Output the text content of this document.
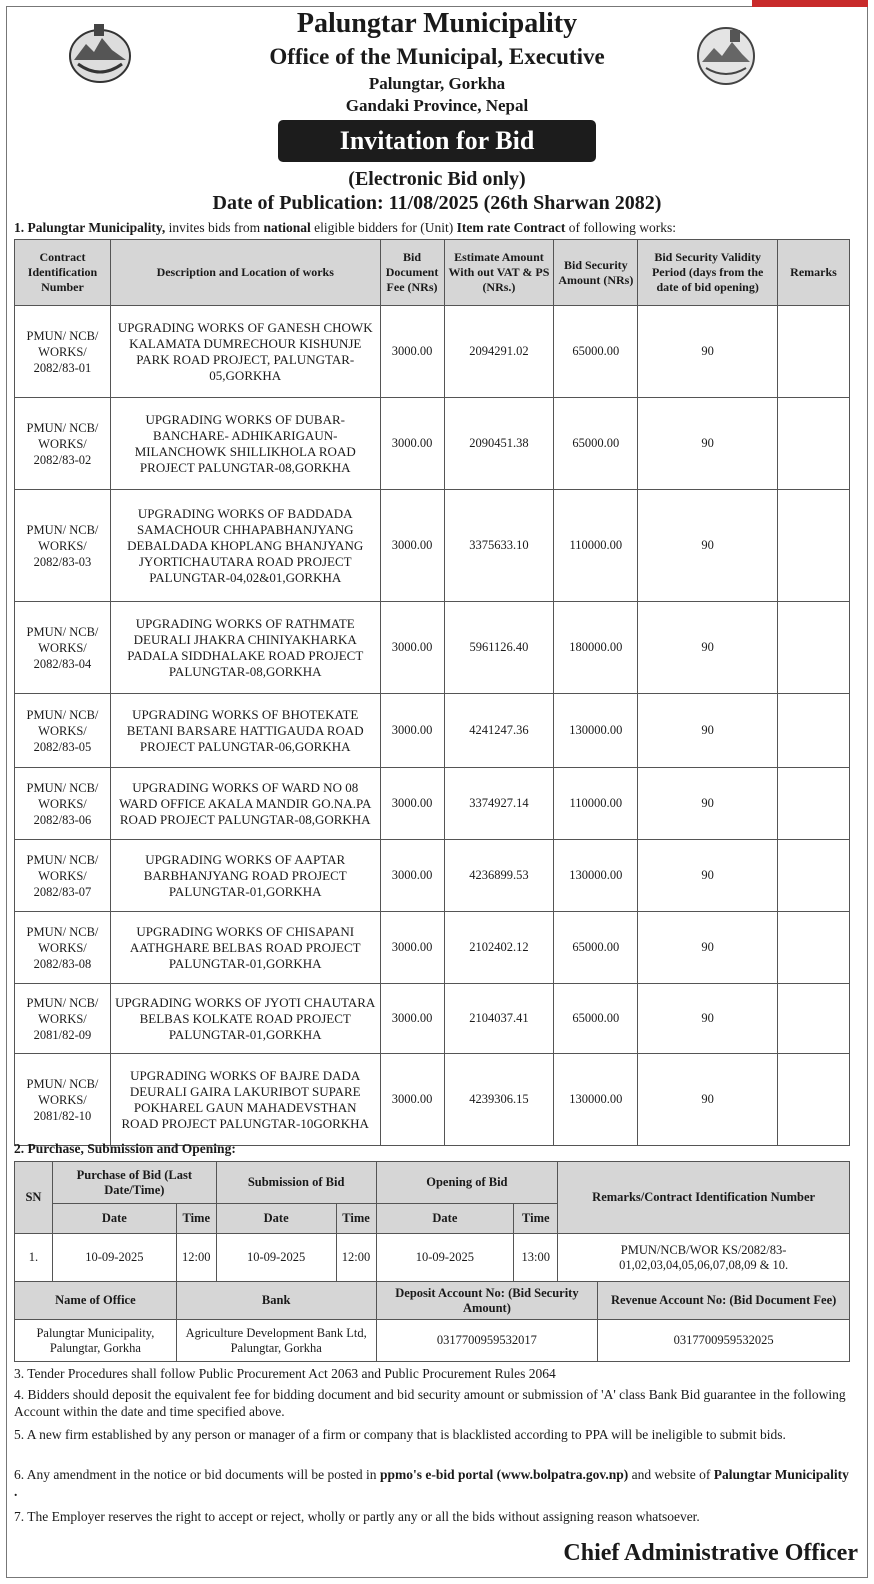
Palungtar Municipality
Office of the Municipal, Executive
Palungtar, Gorkha
Gandaki Province, Nepal
Invitation for Bid
(Electronic Bid only)
Date of Publication: 11/08/2025 (26th Sharwan 2082)
1. Palungtar Municipality, invites bids from national eligible bidders for (Unit) Item rate Contract of following works:
Contract Identification Number	Description and Location of works	Bid Document Fee (NRs)	Estimate Amount With out VAT & PS (NRs.)	Bid Security Amount (NRs)	Bid Security Validity Period (days from the date of bid opening)	Remarks
PMUN/ NCB/ WORKS/ 2082/83-01	UPGRADING WORKS OF GANESH CHOWK KALAMATA DUMRECHOUR KISHUNJE PARK ROAD PROJECT, PALUNGTAR-05,GORKHA	3000.00	2094291.02	65000.00	90	
PMUN/ NCB/ WORKS/ 2082/83-02	UPGRADING WORKS OF DUBAR-BANCHARE- ADHIKARIGAUN-MILANCHOWK SHILLIKHOLA ROAD PROJECT PALUNGTAR-08,GORKHA	3000.00	2090451.38	65000.00	90	
PMUN/ NCB/ WORKS/ 2082/83-03	UPGRADING WORKS OF BADDADA SAMACHOUR CHHAPABHANJYANG DEBALDADA KHOPLANG BHANJYANG JYORTICHAUTARA ROAD PROJECT PALUNGTAR-04,02&01,GORKHA	3000.00	3375633.10	110000.00	90	
PMUN/ NCB/ WORKS/ 2082/83-04	UPGRADING WORKS OF RATHMATE DEURALI JHAKRA CHINIYAKHARKA PADALA SIDDHALAKE ROAD PROJECT PALUNGTAR-08,GORKHA	3000.00	5961126.40	180000.00	90	
PMUN/ NCB/ WORKS/ 2082/83-05	UPGRADING WORKS OF BHOTEKATE BETANI BARSARE HATTIGAUDA ROAD PROJECT PALUNGTAR-06,GORKHA	3000.00	4241247.36	130000.00	90	
PMUN/ NCB/ WORKS/ 2082/83-06	UPGRADING WORKS OF WARD NO 08 WARD OFFICE AKALA MANDIR GO.NA.PA ROAD PROJECT PALUNGTAR-08,GORKHA	3000.00	3374927.14	110000.00	90	
PMUN/ NCB/ WORKS/ 2082/83-07	UPGRADING WORKS OF AAPTAR BARBHANJYANG ROAD PROJECT PALUNGTAR-01,GORKHA	3000.00	4236899.53	130000.00	90	
PMUN/ NCB/ WORKS/ 2082/83-08	UPGRADING WORKS OF CHISAPANI AATHGHARE BELBAS ROAD PROJECT PALUNGTAR-01,GORKHA	3000.00	2102402.12	65000.00	90	
PMUN/ NCB/ WORKS/ 2081/82-09	UPGRADING WORKS OF JYOTI CHAUTARA BELBAS KOLKATE ROAD PROJECT PALUNGTAR-01,GORKHA	3000.00	2104037.41	65000.00	90	
PMUN/ NCB/ WORKS/ 2081/82-10	UPGRADING WORKS OF BAJRE DADA DEURALI GAIRA LAKURIBOT SUPARE POKHAREL GAUN MAHADEVSTHAN ROAD PROJECT PALUNGTAR-10GORKHA	3000.00	4239306.15	130000.00	90	
2. Purchase, Submission and Opening:
SN	Purchase of Bid (Last Date/Time)		Submission of Bid		Opening of Bid		Remarks/Contract Identification Number
	Date	Time	Date	Time	Date	Time	
1.	10-09-2025	12:00	10-09-2025	12:00	10-09-2025	13:00	PMUN/NCB/WOR KS/2082/83-01,02,03,04,05,06,07,08,09 & 10.
Name of Office	Bank	Deposit Account No: (Bid Security Amount)	Revenue Account No: (Bid Document Fee)
Palungtar Municipality, Palungtar, Gorkha	Agriculture Development Bank Ltd, Palungtar, Gorkha	0317700959532017	0317700959532025
3. Tender Procedures shall follow Public Procurement Act 2063 and Public Procurement Rules 2064
4. Bidders should deposit the equivalent fee for bidding document and bid security amount or submission of 'A' class Bank Bid guarantee in the following Account within the date and time specified above.
5. A new firm established by any person or manager of a firm or company that is blacklisted according to PPA will be ineligible to submit bids.
6. Any amendment in the notice or bid documents will be posted in ppmo's e-bid portal (www.bolpatra.gov.np) and website of Palungtar Municipality .
7. The Employer reserves the right to accept or reject, wholly or partly any or all the bids without assigning reason whatsoever.
Chief Administrative Officer
